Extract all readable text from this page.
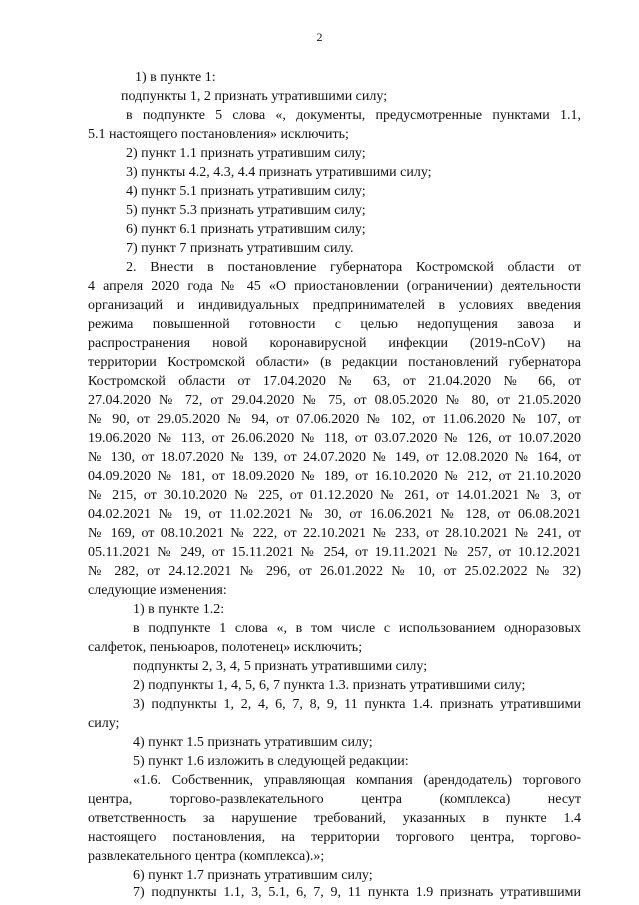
2
1) в пункте 1:
подпункты 1, 2 признать утратившими силу;
в подпункте 5 слова «, документы, предусмотренные пунктами 1.1,
5.1 настоящего постановления» исключить;
2) пункт 1.1 признать утратившим силу;
3) пункты 4.2, 4.3, 4.4 признать утратившими силу;
4) пункт 5.1 признать утратившим силу;
5) пункт 5.3 признать утратившим силу;
6) пункт 6.1 признать утратившим силу;
7) пункт 7 признать утратившим силу.
2. Внести в постановление губернатора Костромской области от
4 апреля 2020 года № 45 «О приостановлении (ограничении) деятельности
организаций и индивидуальных предпринимателей в условиях введения
режима повышенной готовности с целью недопущения завоза и
распространения новой коронавирусной инфекции (2019-nCoV) на
территории Костромской области» (в редакции постановлений губернатора
Костромской области от 17.04.2020 № 63, от 21.04.2020 № 66, от
27.04.2020 № 72, от 29.04.2020 № 75, от 08.05.2020 № 80, от 21.05.2020
№ 90, от 29.05.2020 № 94, от 07.06.2020 № 102, от 11.06.2020 № 107, от
19.06.2020 № 113, от 26.06.2020 № 118, от 03.07.2020 № 126, от 10.07.2020
№ 130, от 18.07.2020 № 139, от 24.07.2020 № 149, от 12.08.2020 № 164, от
04.09.2020 № 181, от 18.09.2020 № 189, от 16.10.2020 № 212, от 21.10.2020
№ 215, от 30.10.2020 № 225, от 01.12.2020 № 261, от 14.01.2021 № 3, от
04.02.2021 № 19, от 11.02.2021 № 30, от 16.06.2021 № 128, от 06.08.2021
№ 169, от 08.10.2021 № 222, от 22.10.2021 № 233, от 28.10.2021 № 241, от
05.11.2021 № 249, от 15.11.2021 № 254, от 19.11.2021 № 257, от 10.12.2021
№ 282, от 24.12.2021 № 296, от 26.01.2022 № 10, от 25.02.2022 № 32)
следующие изменения:
1) в пункте 1.2:
в подпункте 1 слова «, в том числе с использованием одноразовых
салфеток, пеньюаров, полотенец» исключить;
подпункты 2, 3, 4, 5 признать утратившими силу;
2) подпункты 1, 4, 5, 6, 7 пункта 1.3. признать утратившими силу;
3) подпункты 1, 2, 4, 6, 7, 8, 9, 11 пункта 1.4. признать утратившими
силу;
4) пункт 1.5 признать утратившим силу;
5) пункт 1.6 изложить в следующей редакции:
«1.6. Собственник, управляющая компания (арендодатель) торгового
центра, торгово-развлекательного центра (комплекса) несут
ответственность за нарушение требований, указанных в пункте 1.4
настоящего постановления, на территории торгового центра, торгово-
развлекательного центра (комплекса).»;
6) пункт 1.7 признать утратившим силу;
7) подпункты 1.1, 3, 5.1, 6, 7, 9, 11 пункта 1.9 признать утратившими
